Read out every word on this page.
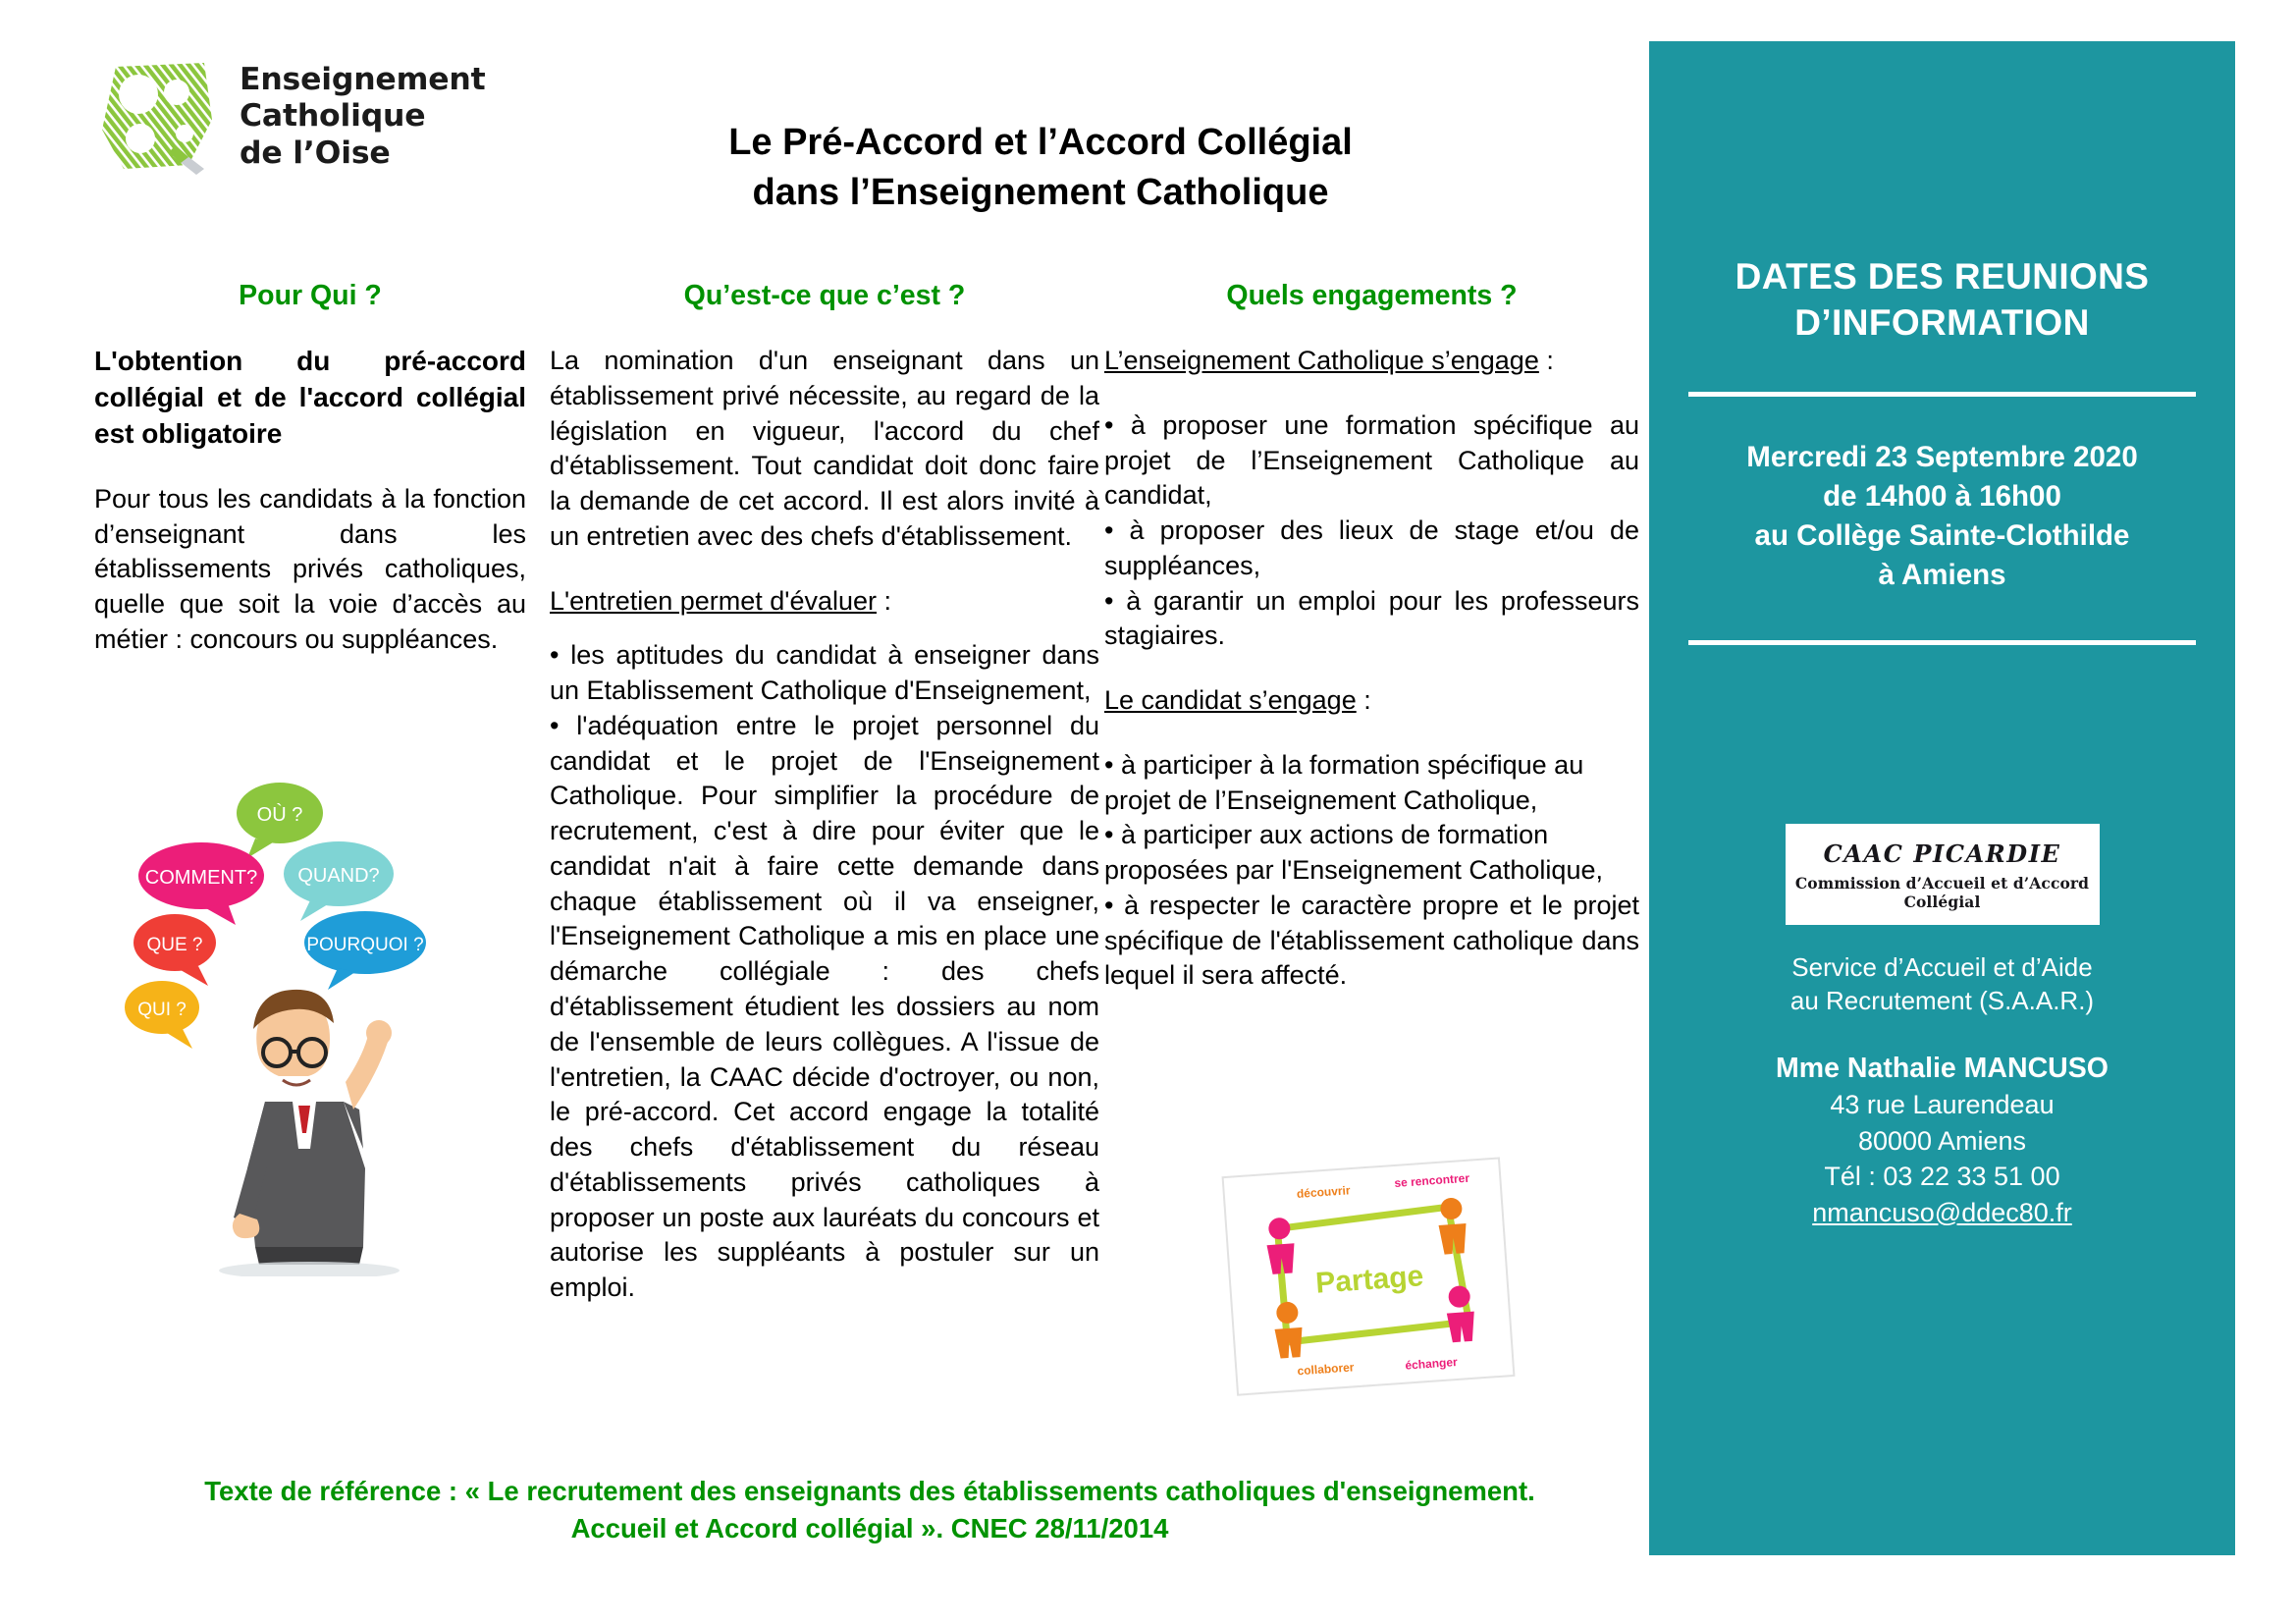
Enseignement
Catholique
de l’Oise	Le Pré-Accord et l’Accord Collégial
dans l’Enseignement Catholique
Pour Qui ?	Qu’est-ce que c’est ?	Quels engagements ?

L'obtention du pré-accord collégial et de l'accord collégial est obligatoire

Pour tous les candidats à la fonction d’enseignant dans les établissements privés catholiques, quelle que soit la voie d’accès au métier : concours ou suppléances.

OÙ ?
QUAND?
COMMENT?
QUE ?	POURQUOI ?
QUI ?

La nomination d'un enseignant dans un établissement privé nécessite, au regard de la législation en vigueur, l'accord du chef d'établissement. Tout candidat doit donc faire la demande de cet accord. Il est alors invité à un entretien avec des chefs d'établissement.

L'entretien permet d'évaluer :

• les aptitudes du candidat à enseigner dans un Etablissement Catholique d'Enseignement,

• l'adéquation entre le projet personnel du candidat et le projet de l'Enseignement Catholique. Pour simplifier la procédure de recrutement, c'est à dire pour éviter que le candidat n'ait à faire cette demande dans chaque établissement où il va enseigner, l'Enseignement Catholique a mis en place une démarche collégiale : des chefs d'établissement étudient les dossiers au nom de l'ensemble de leurs collègues. A l'issue de l'entretien, la CAAC décide d'octroyer, ou non, le pré-accord. Cet accord engage la totalité des chefs d'établissement du réseau d'établissements privés catholiques à proposer un poste aux lauréats du concours et autorise les suppléants à postuler sur un emploi.

L’enseignement Catholique s’engage :

• à proposer une formation spécifique au projet de l’Enseignement Catholique au candidat,

• à proposer des lieux de stage et/ou de suppléances,

• à garantir un emploi pour les professeurs stagiaires.

Le candidat s’engage :

• à participer à la formation spécifique au projet de l’Enseignement Catholique,

• à participer aux actions de formation proposées par l'Enseignement Catholique,

• à respecter le caractère propre et le projet spécifique de l'établissement catholique dans lequel il sera affecté.

découvrir
se rencontrer
collaborer	échanger
Partage
DATES DES REUNIONS
D’INFORMATION
Mercredi 23 Septembre 2020
de 14h00 à 16h00
au Collège Sainte-Clothilde
à Amiens
CAAC PICARDIE
Commission d’Accueil et d’Accord Collégial
Service d’Accueil et d’Aide
au Recrutement (S.A.A.R.)
Mme Nathalie MANCUSO
43 rue Laurendeau
80000 Amiens
Tél : 03 22 33 51 00
nmancuso@ddec80.fr
Texte de référence : « Le recrutement des enseignants des établissements catholiques d'enseignement.
Accueil et Accord collégial ». CNEC 28/11/2014
